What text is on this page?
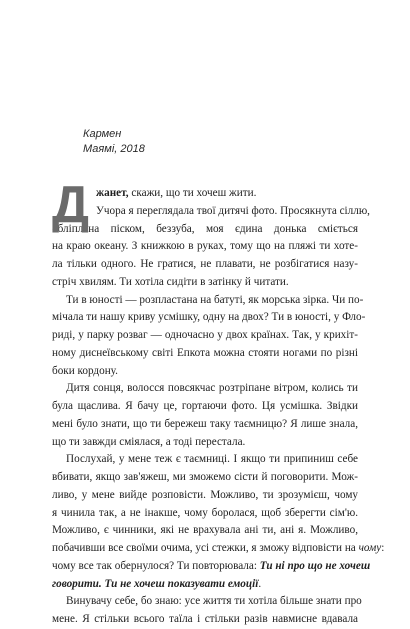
Кармен
Маямі, 2018
Д жанет, скажи, що ти хочеш жити.
Учора я переглядала твої дитячі фото. Просякнута сіллю,
обліплена піском, беззуба, моя єдина донька сміється
на краю океану. З книжкою в руках, тому що на пляжі ти хоте-
ла тільки одного. Не гратися, не плавати, не розбігатися назу-
стріч хвилям. Ти хотіла сидіти в затінку й читати.
Ти в юності — розпластана на батуті, як морська зірка. Чи по-
мічала ти нашу криву усмішку, одну на двох? Ти в юності, у Фло-
риді, у парку розваг — одночасно у двох країнах. Так, у крихіт-
ному диснеївському світі Епкота можна стояти ногами по різні
боки кордону.
Дитя сонця, волосся повсякчас розтріпане вітром, колись ти
була щаслива. Я бачу це, гортаючи фото. Ця усмішка. Звідки
мені було знати, що ти бережеш таку таємницю? Я лише знала,
що ти завжди сміялася, а тоді перестала.
Послухай, у мене теж є таємниці. І якщо ти припиниш себе
вбивати, якщо зав'яжеш, ми зможемо сісти й поговорити. Мож-
ливо, у мене вийде розповісти. Можливо, ти зрозумієш, чому
я чинила так, а не інакше, чому боролася, щоб зберегти сім'ю.
Можливо, є чинники, які не врахувала ані ти, ані я. Можливо,
побачивши все своїми очима, усі стежки, я зможу відповісти на чому:
чому все так обернулося? Ти повторювала: Ти ні про що не хочеш
говорити. Ти не хочеш показувати емоції.
Винувачу себе, бо знаю: усе життя ти хотіла більше знати про
мене. Я стільки всього таїла і стільки разів навмисне вдавала
